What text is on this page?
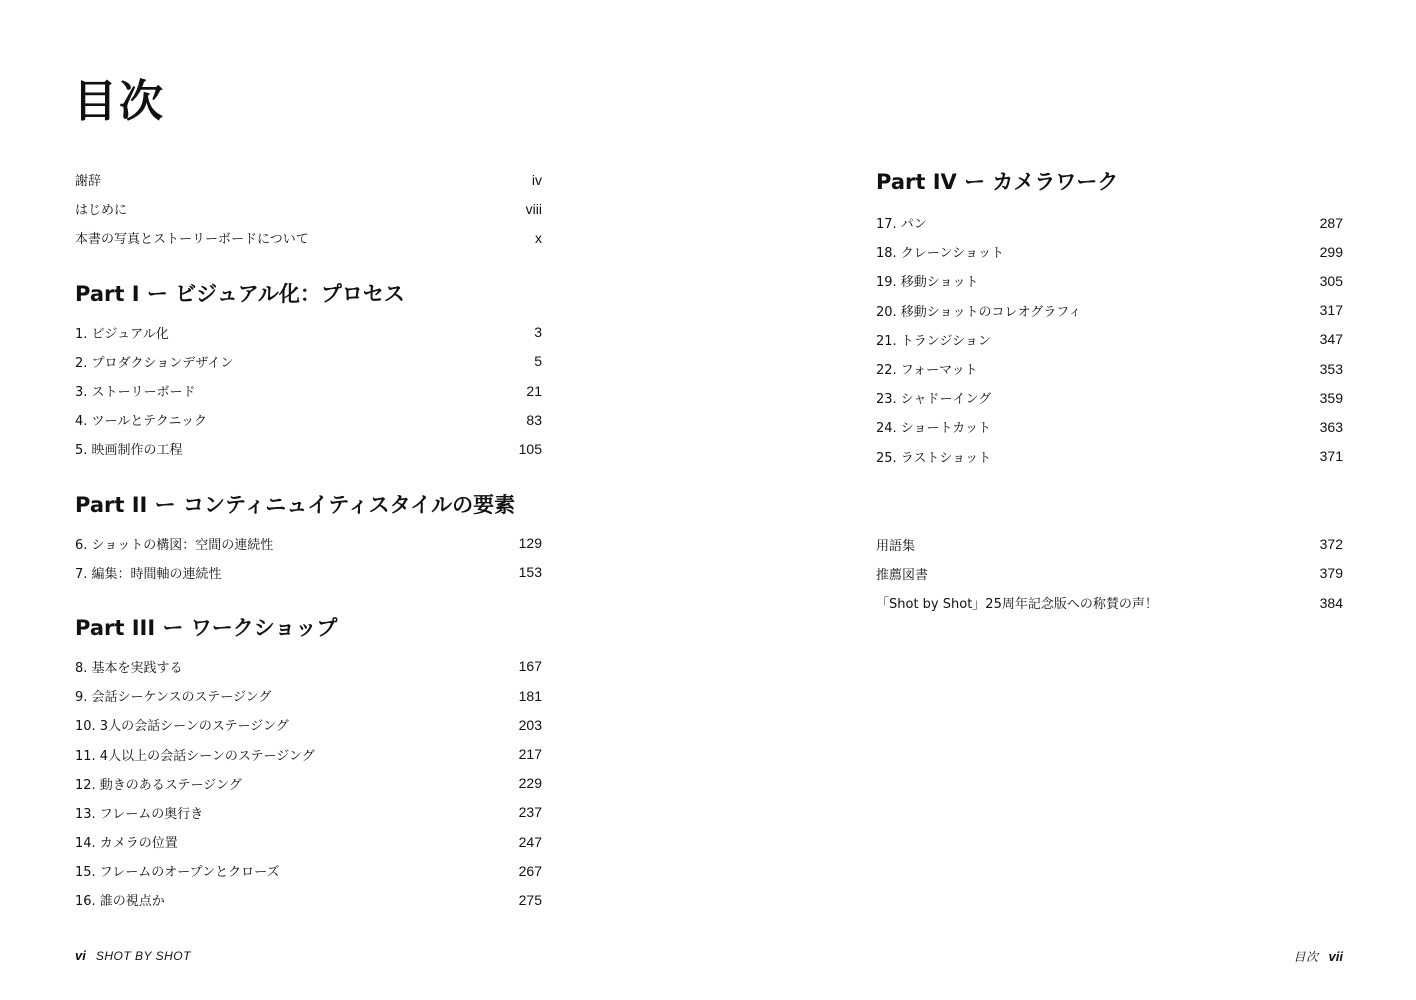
目次
謝辞	iv
はじめに	viii
本書の写真とストーリーボードについて	x
Part I ー ビジュアル化：プロセス
1. ビジュアル化	3
2. プロダクションデザイン	5
3. ストーリーボード	21
4. ツールとテクニック	83
5. 映画制作の工程	105
Part II ー コンティニュイティスタイルの要素
6. ショットの構図：空間の連続性	129
7. 編集：時間軸の連続性	153
Part III ー ワークショップ
8. 基本を実践する	167
9. 会話シーケンスのステージング	181
10. 3人の会話シーンのステージング	203
11. 4人以上の会話シーンのステージング	217
12. 動きのあるステージング	229
13. フレームの奥行き	237
14. カメラの位置	247
15. フレームのオープンとクローズ	267
16. 誰の視点か	275
Part IV ー カメラワーク
17. パン	287
18. クレーンショット	299
19. 移動ショット	305
20. 移動ショットのコレオグラフィ	317
21. トランジション	347
22. フォーマット	353
23. シャドーイング	359
24. ショートカット	363
25. ラストショット	371
用語集	372
推薦図書	379
「Shot by Shot」25周年記念版への称賛の声！	384
vi SHOT BY SHOT	目次 vii
